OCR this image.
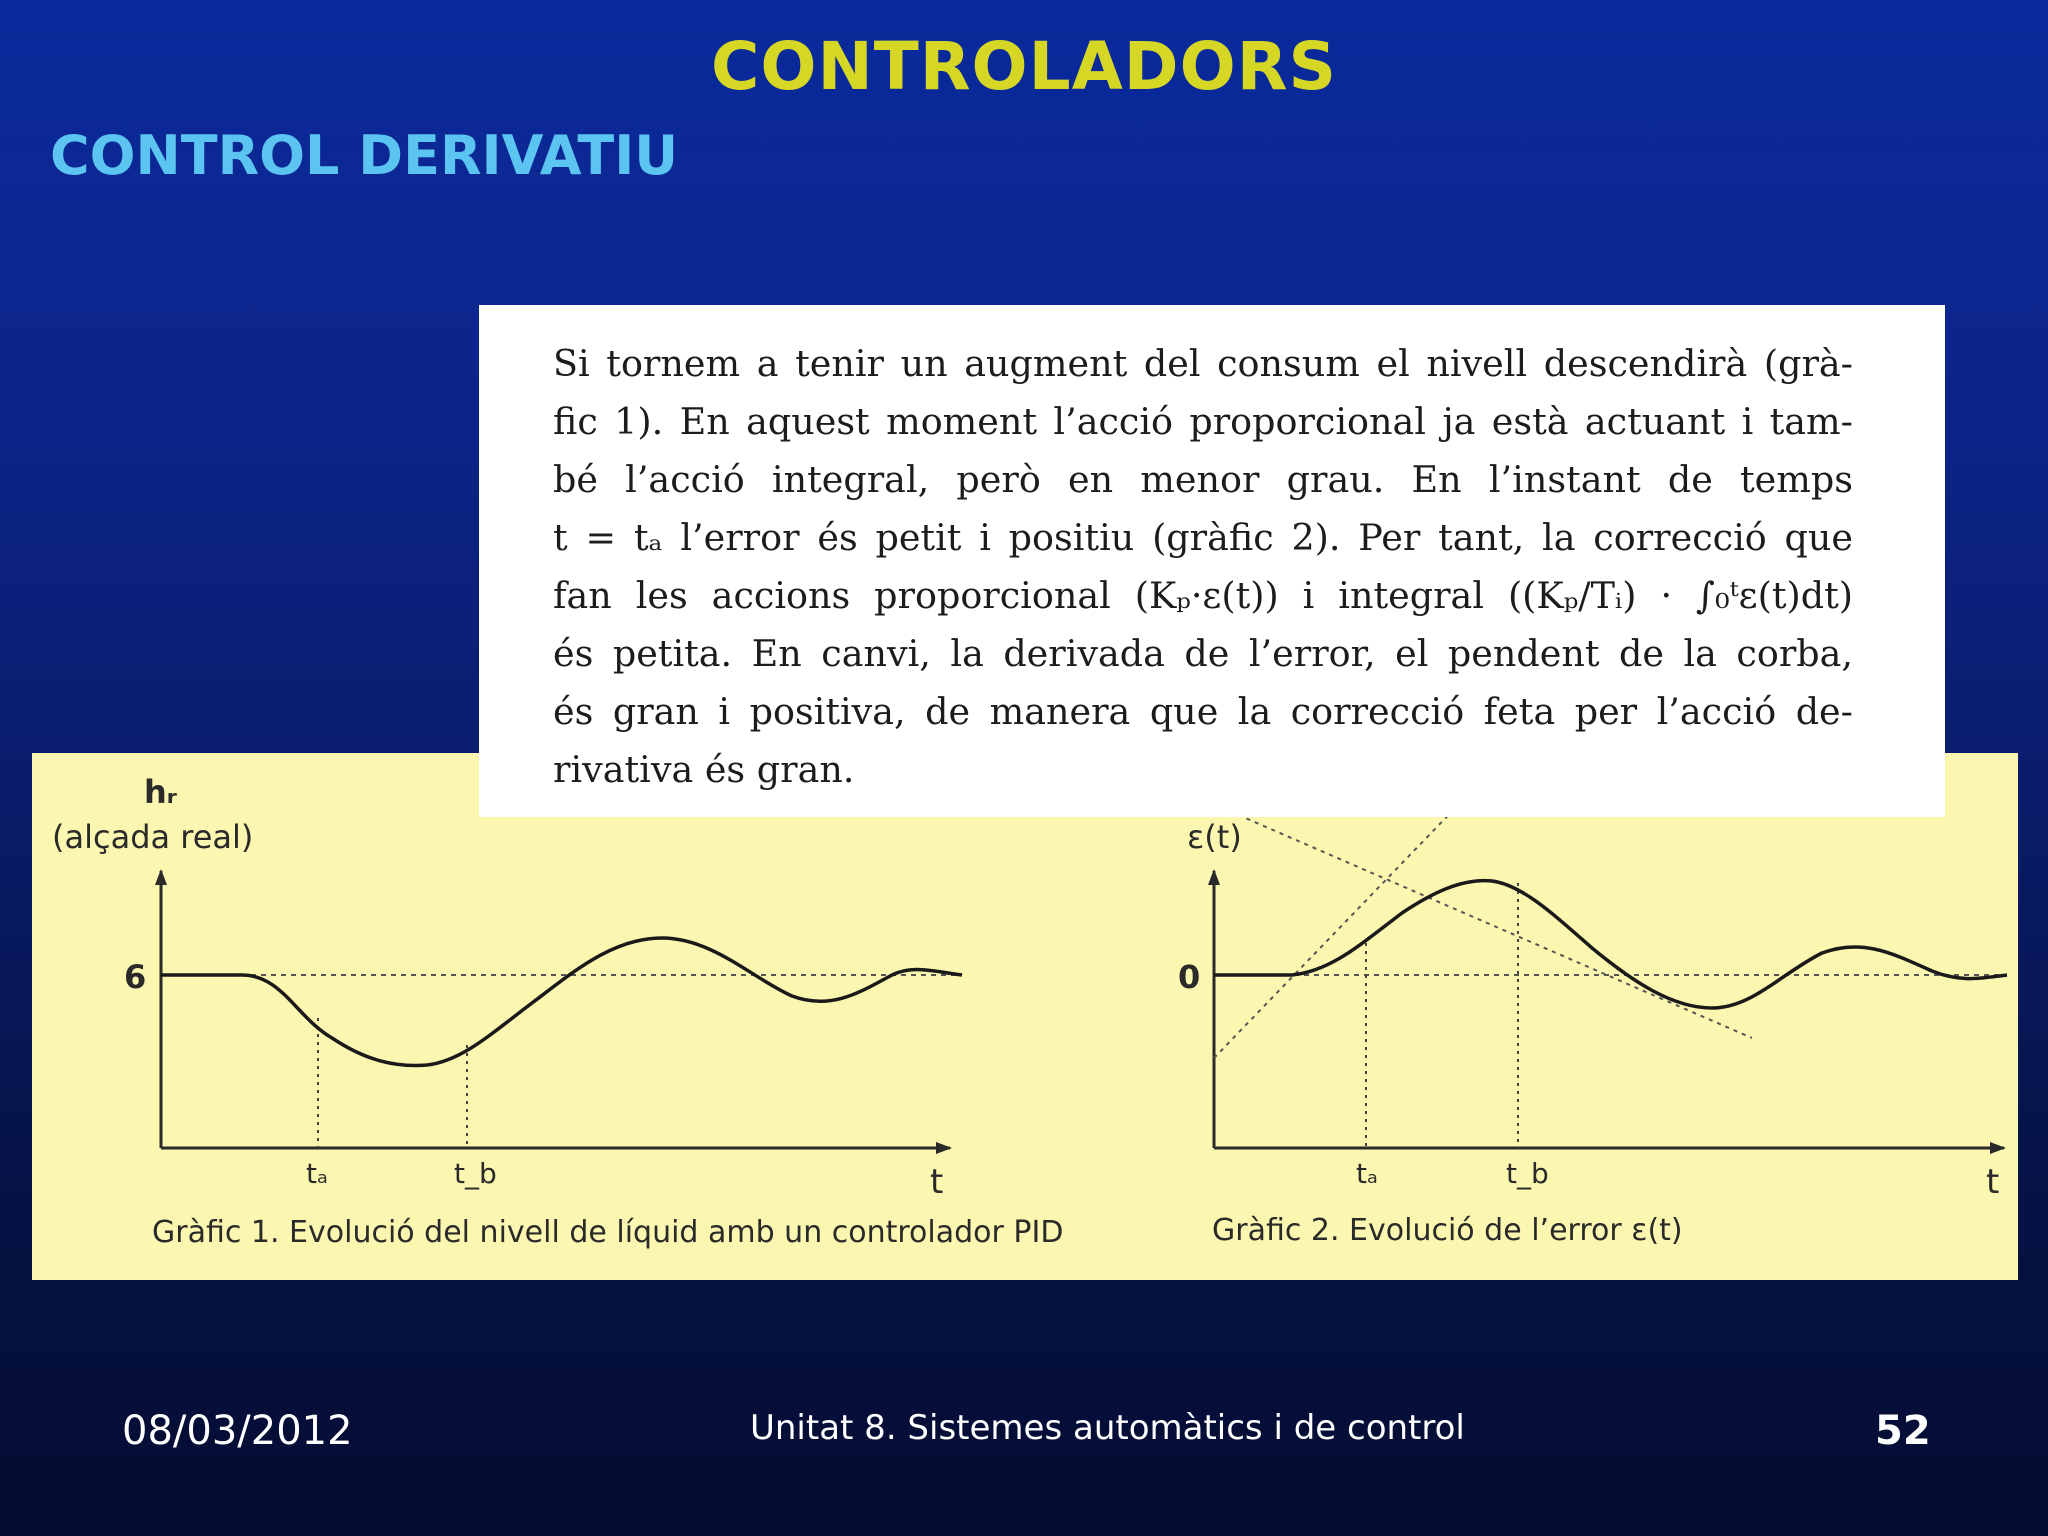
CONTROLADORS
CONTROL DERIVATIU
hᵣ
(alçada real)
6
tₐ	t_b	t
Gràfic 1. Evolució del nivell de líquid amb un controlador PID
ε(t)
0
tₐ	t_b	t
Gràfic 2. Evolució de l’error ε(t)
Si tornem a tenir un augment del consum el nivell descendirà (grà-
fic 1). En aquest moment l’acció proporcional ja està actuant i tam-
bé l’acció integral, però en menor grau. En l’instant de temps
t = tₐ l’error és petit i positiu (gràfic 2). Per tant, la correcció que
fan les accions proporcional (Kₚ·ε(t)) i integral ((Kₚ/Tᵢ) · ∫₀ᵗε(t)dt)
és petita. En canvi, la derivada de l’error, el pendent de la corba,
és gran i positiva, de manera que la correcció feta per l’acció de-
rivativa és gran.
08/03/2012	Unitat 8. Sistemes automàtics i de control	52
